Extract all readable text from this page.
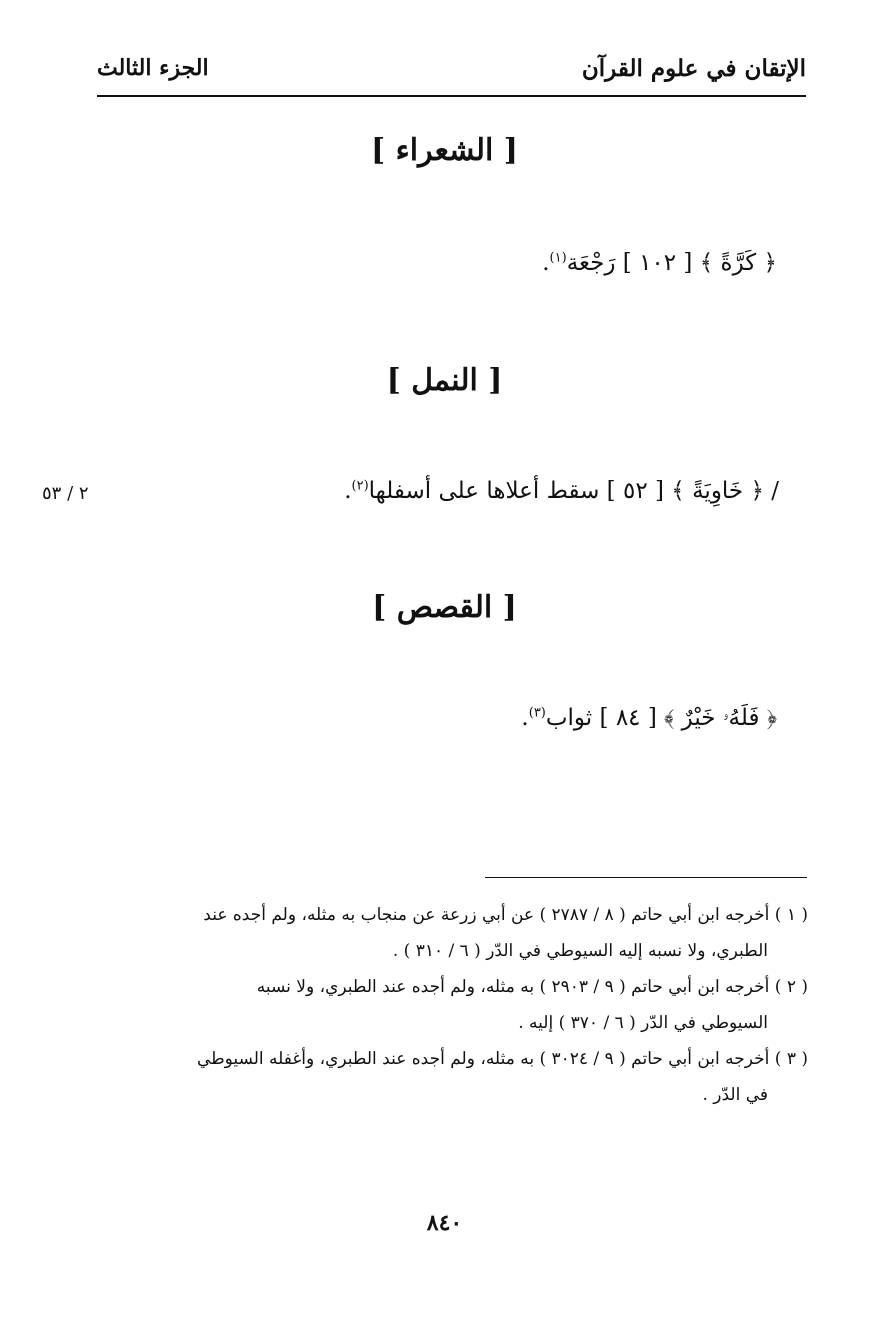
الإتقان في علوم القرآن
الجزء الثالث
[ الشعراء ]
﴿ كَرَّةً ﴾ [ ١٠٢ ] رَجْعَة$^{(١)}$.
[ النمل ]
/ ﴿ خَاوِيَةً ﴾ [ ٥٢ ] سقط أعلاها على أسفلها$^{(٢)}$.
٢ / ٥٣
[ القصص ]
﴿ فَلَهُۥ خَيْرٌ ﴾ [ ٨٤ ] ثواب$^{(٣)}$.
( ١ ) أخرجه ابن أبي حاتم ( ٨ / ٢٧٨٧ ) عن أبي زرعة عن منجاب به مثله، ولم أجده عند
الطبري، ولا نسبه إليه السيوطي في الدّر ( ٦ / ٣١٠ ) .
( ٢ ) أخرجه ابن أبي حاتم ( ٩ / ٢٩٠٣ ) به مثله، ولم أجده عند الطبري، ولا نسبه
السيوطي في الدّر ( ٦ / ٣٧٠ ) إليه .
( ٣ ) أخرجه ابن أبي حاتم ( ٩ / ٣٠٢٤ ) به مثله، ولم أجده عند الطبري، وأغفله السيوطي
في الدّر .
٨٤٠
